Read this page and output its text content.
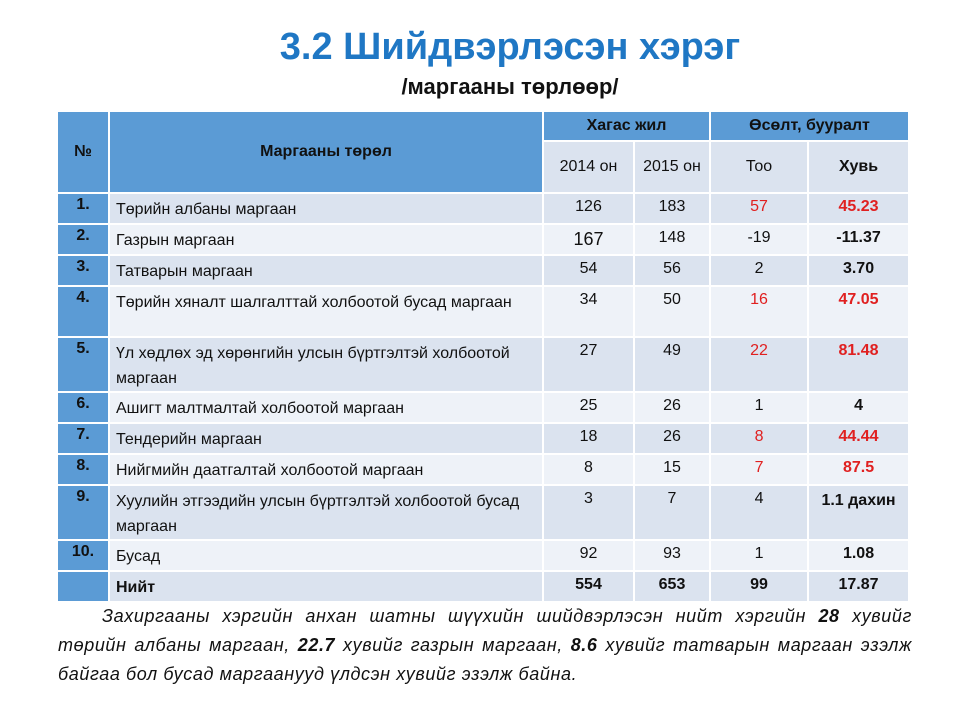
3.2 Шийдвэрлэсэн хэрэг
/маргааны төрлөөр/
№	Маргааны төрөл	Хагас жил		Өсөлт, бууралт	
		2014 он	2015 он	Тоо	Хувь
1.	Төрийн албаны маргаан	126	183	57	45.23
2.	Газрын маргаан	167	148	-19	-11.37
3.	Татварын маргаан	54	56	2	3.70
4.	Төрийн хяналт шалгалттай холбоотой бусад маргаан	34	50	16	47.05
5.	Үл хөдлөх эд хөрөнгийн улсын бүртгэлтэй холбоотой маргаан	27	49	22	81.48
6.	Ашигт малтмалтай холбоотой маргаан	25	26	1	4
7.	Тендерийн маргаан	18	26	8	44.44
8.	Нийгмийн даатгалтай холбоотой маргаан	8	15	7	87.5
9.	Хуулийн этгээдийн улсын бүртгэлтэй холбоотой бусад маргаан	3	7	4	1.1 дахин
10.	Бусад	92	93	1	1.08
	Нийт	554	653	99	17.87
Захиргааны хэргийн анхан шатны шүүхийн шийдвэрлэсэн нийт хэргийн 28 хувийг төрийн албаны маргаан, 22.7 хувийг газрын маргаан, 8.6 хувийг татварын маргаан эзэлж байгаа бол бусад маргаанууд үлдсэн хувийг эзэлж байна.
